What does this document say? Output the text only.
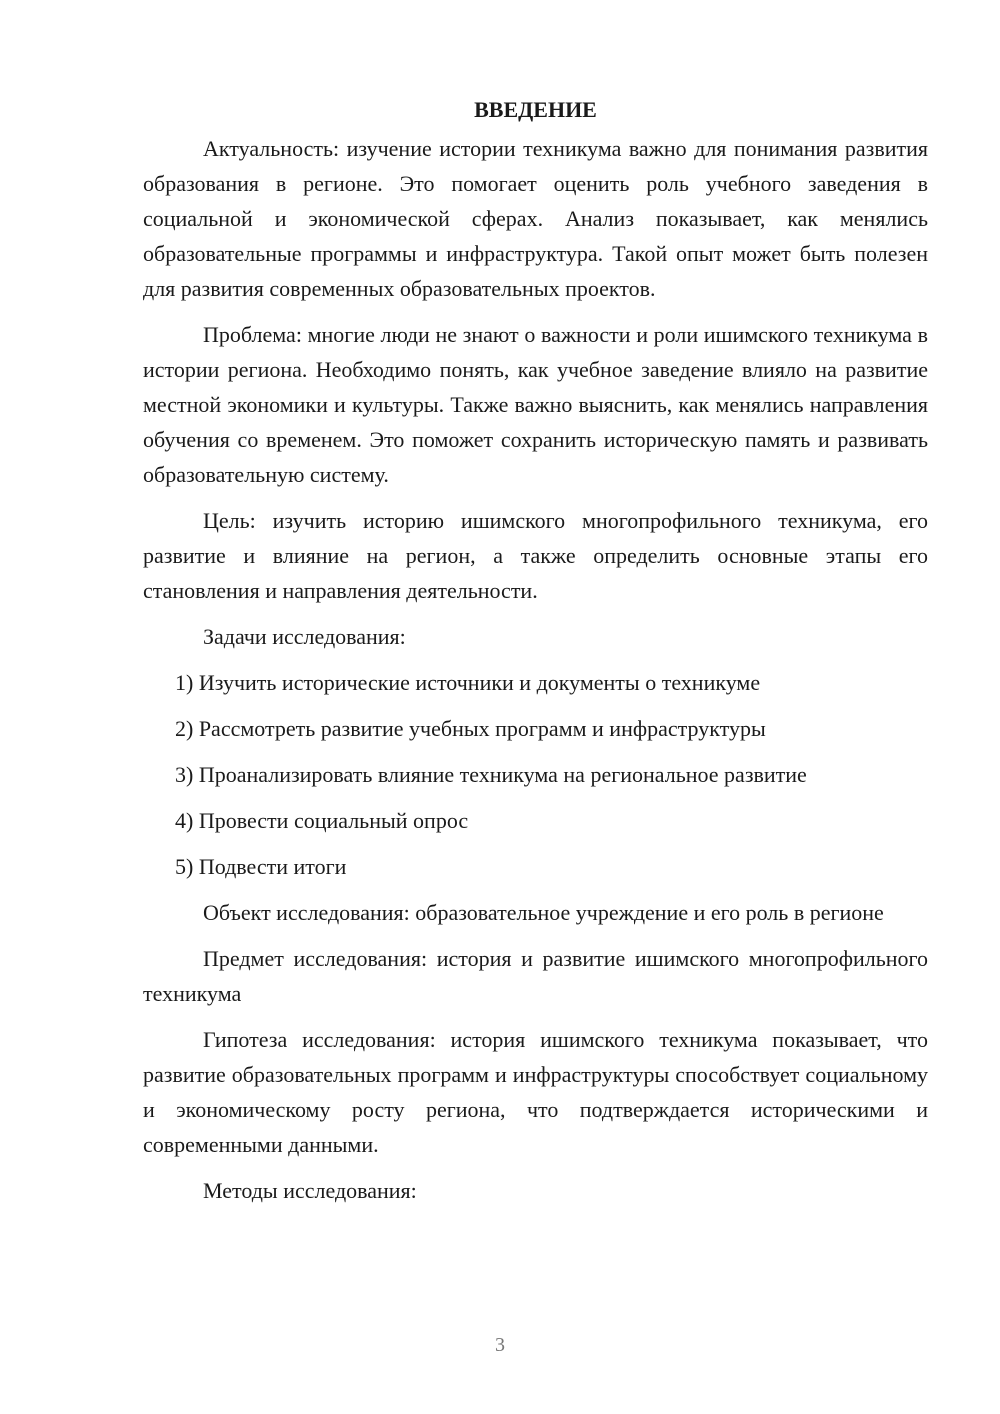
ВВЕДЕНИЕ

Актуальность: изучение истории техникума важно для понимания развития образования в регионе. Это помогает оценить роль учебного заведения в социальной и экономической сферах. Анализ показывает, как менялись образовательные программы и инфраструктура. Такой опыт может быть полезен для развития современных образовательных проектов.

Проблема: многие люди не знают о важности и роли ишимского техникума в истории региона. Необходимо понять, как учебное заведение влияло на развитие местной экономики и культуры. Также важно выяснить, как менялись направления обучения со временем. Это поможет сохранить историческую память и развивать образовательную систему.

Цель: изучить историю ишимского многопрофильного техникума, его развитие и влияние на регион, а также определить основные этапы его становления и направления деятельности.

Задачи исследования:

1) Изучить исторические источники и документы о техникуме
2) Рассмотреть развитие учебных программ и инфраструктуры
3) Проанализировать влияние техникума на региональное развитие
4) Провести социальный опрос
5) Подвести итоги

Объект исследования: образовательное учреждение и его роль в регионе

Предмет исследования: история и развитие ишимского многопрофильного техникума

Гипотеза исследования: история ишимского техникума показывает, что развитие образовательных программ и инфраструктуры способствует социальному и экономическому росту региона, что подтверждается историческими и современными данными.

Методы исследования:

3
